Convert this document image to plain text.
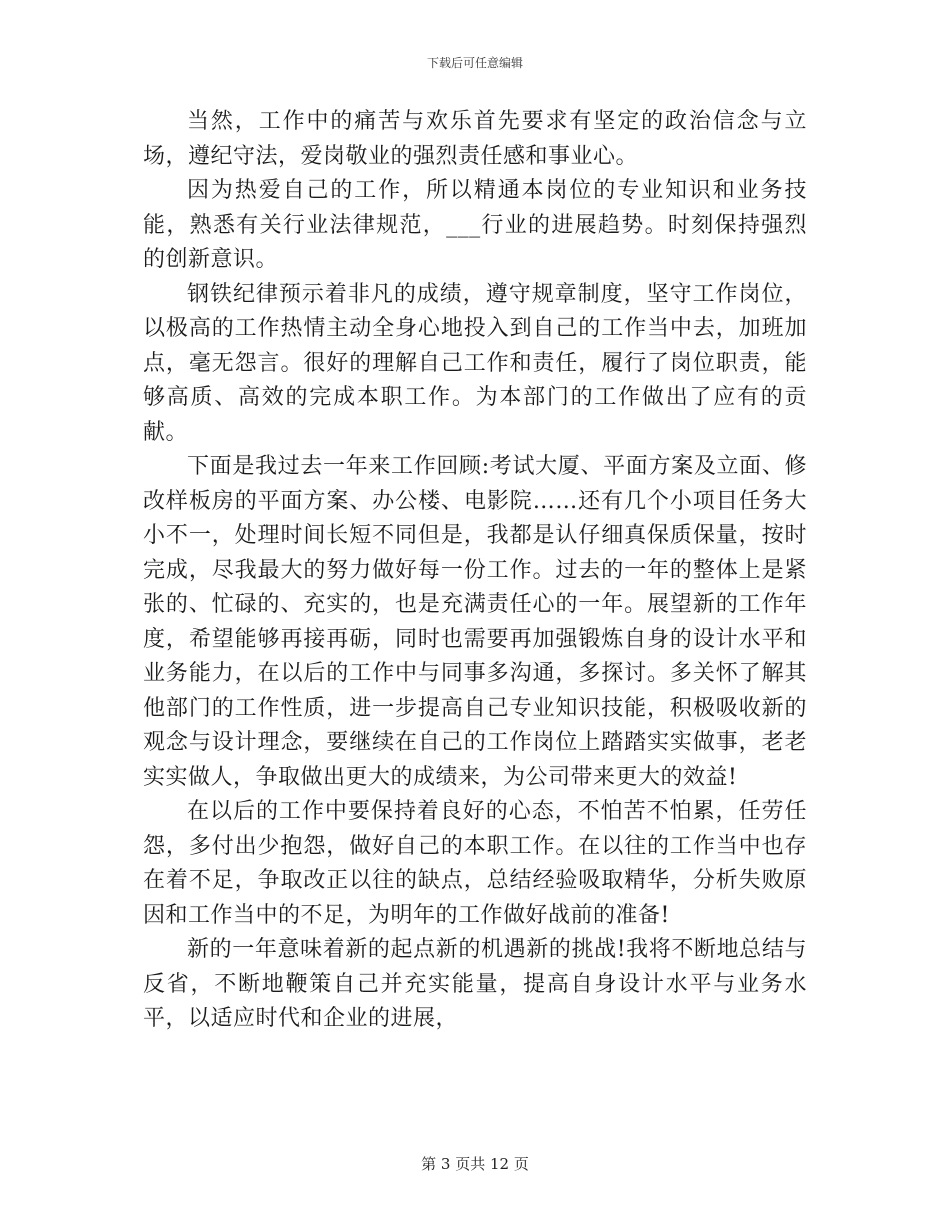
下载后可任意编辑

当然，工作中的痛苦与欢乐首先要求有坚定的政治信念与立场，遵纪守法，爱岗敬业的强烈责任感和事业心。

因为热爱自己的工作，所以精通本岗位的专业知识和业务技能，熟悉有关行业法律规范，___行业的进展趋势。时刻保持强烈的创新意识。

钢铁纪律预示着非凡的成绩，遵守规章制度，坚守工作岗位，以极高的工作热情主动全身心地投入到自己的工作当中去，加班加点，毫无怨言。很好的理解自己工作和责任，履行了岗位职责，能够高质、高效的完成本职工作。为本部门的工作做出了应有的贡献。

下面是我过去一年来工作回顾:考试大厦、平面方案及立面、修改样板房的平面方案、办公楼、电影院……还有几个小项目任务大小不一，处理时间长短不同但是，我都是认仔细真保质保量，按时完成，尽我最大的努力做好每一份工作。过去的一年的整体上是紧张的、忙碌的、充实的，也是充满责任心的一年。展望新的工作年度，希望能够再接再砺，同时也需要再加强锻炼自身的设计水平和业务能力，在以后的工作中与同事多沟通，多探讨。多关怀了解其他部门的工作性质，进一步提高自己专业知识技能，积极吸收新的观念与设计理念，要继续在自己的工作岗位上踏踏实实做事，老老实实做人，争取做出更大的成绩来，为公司带来更大的效益!

在以后的工作中要保持着良好的心态，不怕苦不怕累，任劳任怨，多付出少抱怨，做好自己的本职工作。在以往的工作当中也存在着不足，争取改正以往的缺点，总结经验吸取精华，分析失败原因和工作当中的不足，为明年的工作做好战前的准备!

新的一年意味着新的起点新的机遇新的挑战!我将不断地总结与反省，不断地鞭策自己并充实能量，提高自身设计水平与业务水平，以适应时代和企业的进展，

第 3 页共 12 页
